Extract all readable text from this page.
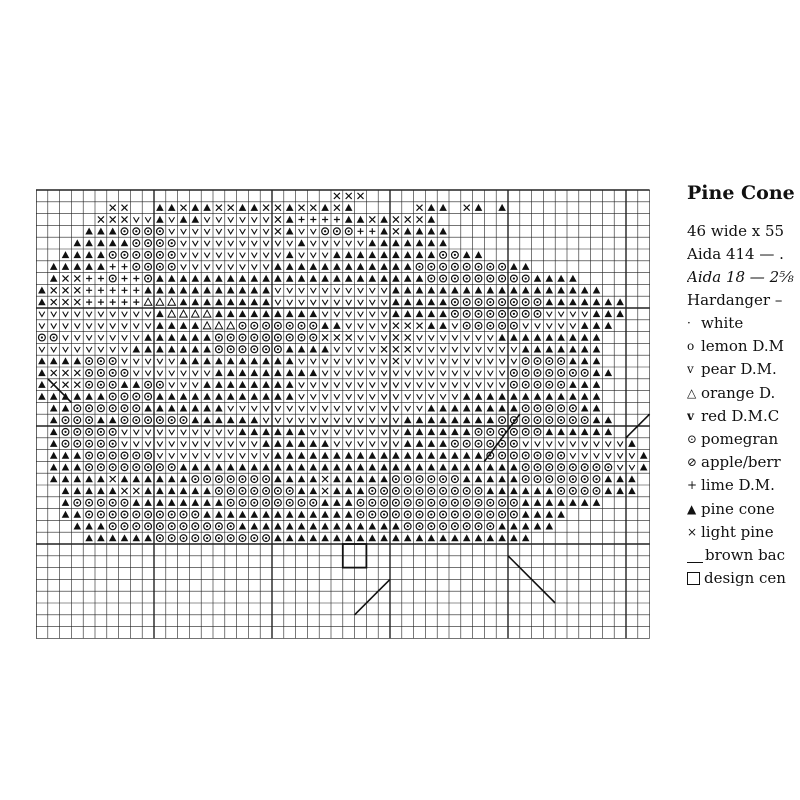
Pine Cone
46 wide x 55
Aida 414 — .
Aida 18 — 2⅝
Hardanger –
· white
o lemon D.M
v pear D.M.
△ orange D.
v red D.M.C
⊙ pomegran
⊘ apple/berr
+ lime D.M.
▲ pine cone
× light pine
brown bac
design cen
